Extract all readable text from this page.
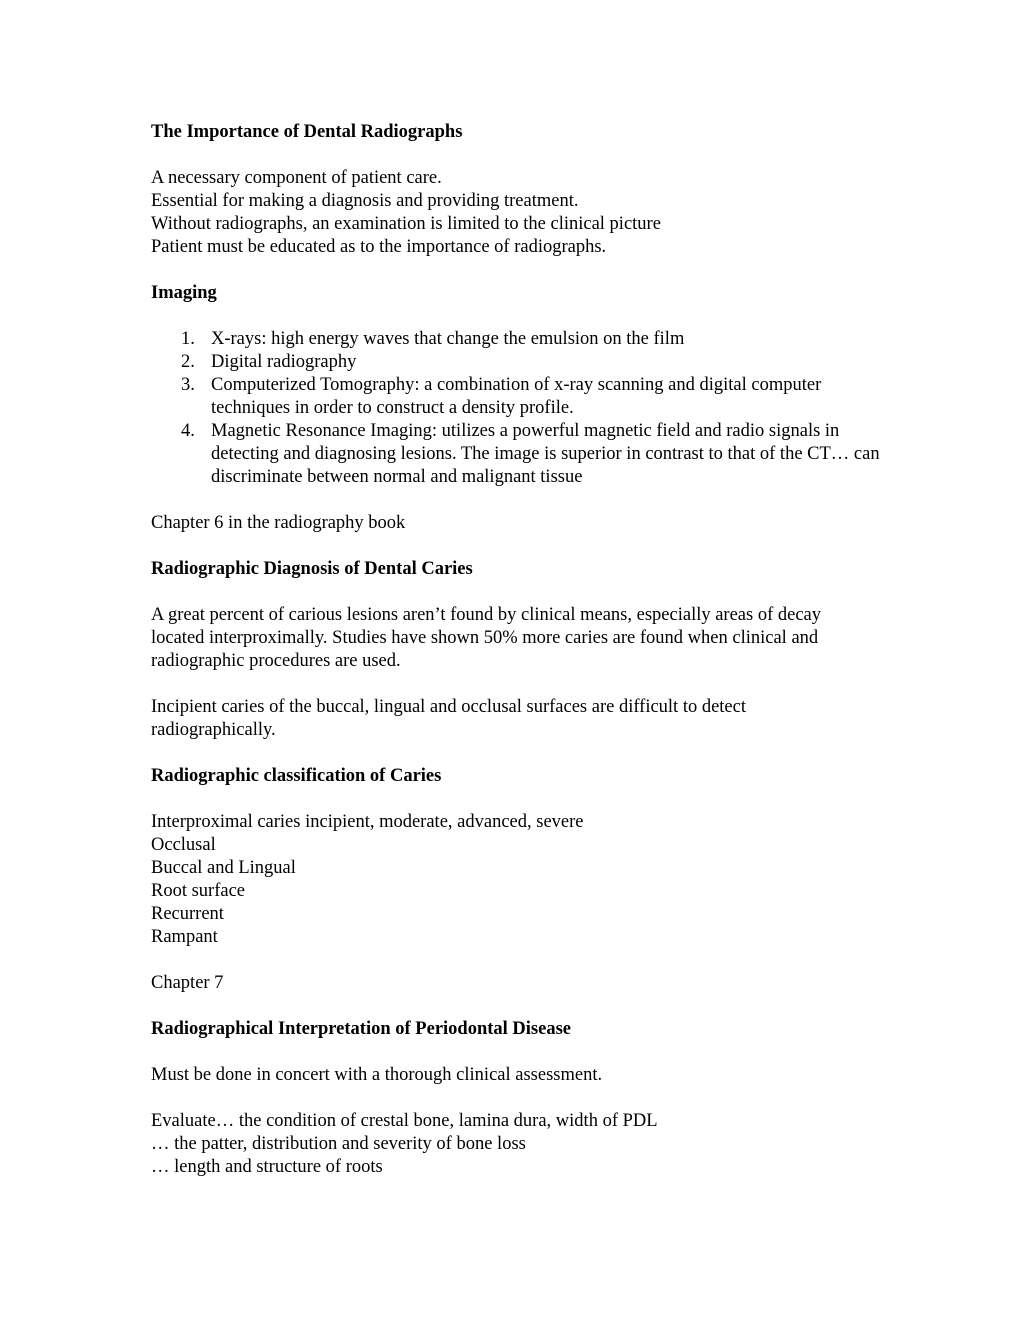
The Importance of Dental Radiographs

A necessary component of patient care.
Essential for making a diagnosis and providing treatment.
Without radiographs, an examination is limited to the clinical picture
Patient must be educated as to the importance of radiographs.

Imaging

1. X-rays: high energy waves that change the emulsion on the film
2. Digital radiography
3. Computerized Tomography: a combination of x-ray scanning and digital computer techniques in order to construct a density profile.
4. Magnetic Resonance Imaging: utilizes a powerful magnetic field and radio signals in detecting and diagnosing lesions. The image is superior in contrast to that of the CT… can discriminate between normal and malignant tissue

Chapter 6 in the radiography book

Radiographic Diagnosis of Dental Caries

A great percent of carious lesions aren’t found by clinical means, especially areas of decay located interproximally. Studies have shown 50% more caries are found when clinical and radiographic procedures are used.

Incipient caries of the buccal, lingual and occlusal surfaces are difficult to detect radiographically.

Radiographic classification of Caries

Interproximal caries incipient, moderate, advanced, severe
Occlusal
Buccal and Lingual
Root surface
Recurrent
Rampant

Chapter 7

Radiographical Interpretation of Periodontal Disease

Must be done in concert with a thorough clinical assessment.

Evaluate… the condition of crestal bone, lamina dura, width of PDL
… the patter, distribution and severity of bone loss
… length and structure of roots
